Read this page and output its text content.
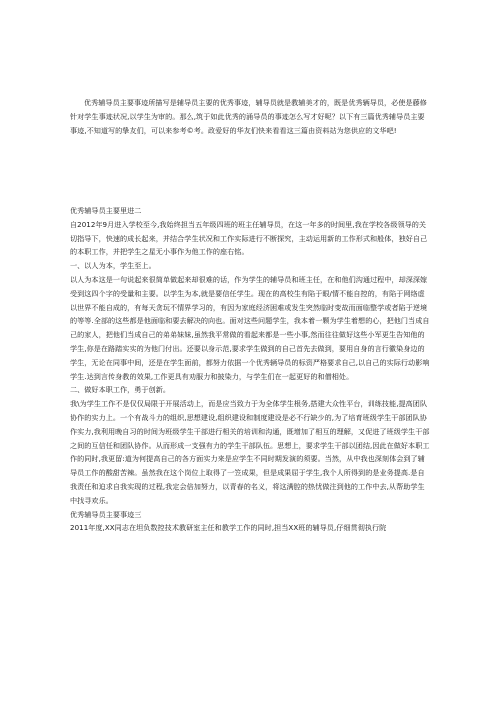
优秀辅导员主要事迹所描写是辅导员主要的优秀事迹，辅导员就是教辅美才的，既是优秀辆导员，必使是藤修针对学生事迹状况,以学生为审的。那么,筑于如此优秀的涌导员的事迹怎么写才好呢？以下有三篇优秀辅导员主要事迹,不知道写的挚友们，可以来参考©考。政爱好的华友们快来看看这三篇由资料站为您供应的文华吧!

优秀辅导员主要里进二

自2012年9月进入学校至今,我始终担当五年级四班的班主任辅导员，在这一年多的时间里,我在学校各级领导的关切指导下，快速的成长起来，并结合学生状况和工作实际进行不断探究，主动运用新的工作形式和般体，独好自己的本职工作，并把学生之星无小事作为他工作的座右铭。

一、以人为本，学生至上。

以人为本这是一句说起来很简单做起来却很难的话，作为学生的辅导员和班主任，在和他们沟通过程中，却深深嫁受到这四个字的受量和主要。以学生为本,就是要信任学生。现在的高校生有陷于眼/情不能自控的，有陷于网络虚以世界不能自成的，有每天贪玩不情界学习的，有因为家庭经济困难或发生突然临时变故而面临整学或者陷于逆境的等等.全部的这些都是他面临和要去解决的向也。面对这些问题学生，我本着一颗为学生着想的心，把他门当成自己的家人，把他们当成自己的弟弟妹妹,虽然我平常做的看起来都是一些小事,然而往往做好这些小军更生告知他的学生,你是在路踏实实的为他门付出。还要以身示范,要求学生做到的自己首先去做到，要用自身的言行徽染身边的学生，无论在同事中间，还是在学生面前，都努力依据一个优秀辆导员的标资严格要求自己,以自己的实际行动影响学生.达到言传身教的效果,工作更具有劝服力和披染力，与学生们在一起更好的和僧相处。

二、做好本职工作，勇于创新。

我\为学生工作不是仅仅局限于开展活动上，而是应当致力于为全体学生根务,搭建大众性平台，训练技能,提高团队协作的实力上。一个有战斗力的组织,思想建设,组织建设和制度建设是必不行缺少的,为了培育班级学生干部团队协作实力,我利用晚自习的时间为班级学生干部进行相关的培训和沟通，既增加了相互的理解，又促进了班级学生干部之间的互信任和团队协作。从而形成一支强有力的学生干部队伍。思想上，要求学生干部以团结,因此在做好本职工作的同时,我更留:道为何提高自己的各方面实力来是应学生不同时期发演的须要。当然，从中我也深刻体会到了辅导员工作的酸甜苦辣。虽然我在这个岗位上取得了一笠成果，但是成果屈于学生,我个人所得到的是业务提高.是自我责任和迫求自我实现的过程,我定会倍加努力，以青春的名义，将这满腔的热忧做注到他的工作中去,从帮助学生中找寻欢乐。

优秀辅导员主要事迹三

2011年度,XX同志在坦负数控技术教研室主任和教学工作的同时,担当XX班的辅导员,仔细贯彻执行院
